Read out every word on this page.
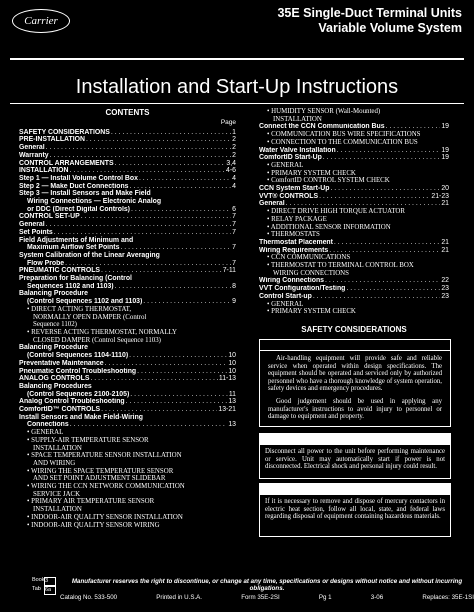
Carrier
35E Single-Duct Terminal Units
Variable Volume System
Installation and Start-Up Instructions
CONTENTS
Page
SAFETY CONSIDERATIONS . . .	1
PRE-INSTALLATION . . .	2
General . . .	2
Warranty . . .	2
CONTROL ARRANGEMENTS . . .	3,4
INSTALLATION . . .	4-6
Step 1 — Install Volume Control Box . . .	4
Step 2 — Make Duct Connections . . .	4
Step 3 — Install Sensors and Make Field
Wiring Connections — Electronic Analog
or DDC (Direct Digital Controls) . . .	6
CONTROL SET-UP . . .	7
General . . .	7
Set Points . . .	7
Field Adjustments of Minimum and
Maximum Airflow Set Points . . .	7
System Calibration of the Linear Averaging
Flow Probe . . .	7
PNEUMATIC CONTROLS . . .	7-11
Preparation for Balancing (Control
Sequences 1102 and 1103) . . .	8
Balancing Procedure
(Control Sequences 1102 and 1103) . . .	9
• DIRECT ACTING THERMOSTAT,
NORMALLY OPEN DAMPER (Control
Sequence 1102)
• REVERSE ACTING THERMOSTAT, NORMALLY
CLOSED DAMPER (Control Sequence 1103)
Balancing Procedure
(Control Sequences 1104-1110) . . .	10
Preventative Maintenance . . .	10
Pneumatic Control Troubleshooting . . .	10
ANALOG CONTROLS . . .	11-13
Balancing Procedures
(Control Sequences 2100-2105) . . .	11
Analog Control Troubleshooting . . .	13
ComfortID™ CONTROLS . . .	13-21
Install Sensors and Make Field-Wiring
Connections . . .	13
• GENERAL
• SUPPLY-AIR TEMPERATURE SENSOR
INSTALLATION
• SPACE TEMPERATURE SENSOR INSTALLATION
AND WIRING
• WIRING THE SPACE TEMPERATURE SENSOR
AND SET POINT ADJUSTMENT SLIDEBAR
• WIRING THE CCN NETWORK COMMUNICATION
SERVICE JACK
• PRIMARY AIR TEMPERATURE SENSOR
INSTALLATION
• INDOOR-AIR QUALITY SENSOR INSTALLATION
• INDOOR-AIR QUALITY SENSOR WIRING
• HUMIDITY SENSOR (Wall-Mounted)
INSTALLATION
Connect the CCN Communication Bus . . .	19
• COMMUNICATION BUS WIRE SPECIFICATIONS
• CONNECTION TO THE COMMUNICATION BUS
Water Valve Installation . . .	19
ComfortID Start-Up . . .	19
• GENERAL
• PRIMARY SYSTEM CHECK
• ComfortID CONTROL SYSTEM CHECK
CCN System Start-Up . . .	20
VVT® CONTROLS . . .	21-23
General . . .	21
• DIRECT DRIVE HIGH TORQUE ACTUATOR
• RELAY PACKAGE
• ADDITIONAL SENSOR INFORMATION
• THERMOSTATS
Thermostat Placement . . .	21
Wiring Requirements . . .	21
• CCN COMMUNICATIONS
• THERMOSTAT TO TERMINAL CONTROL BOX
WIRING CONNECTIONS
Wiring Connections . . .	22
VVT Configuration/Testing . . .	23
Control Start-up . . .	23
• GENERAL
• PRIMARY SYSTEM CHECK
SAFETY CONSIDERATIONS
Air-handling equipment will provide safe and reliable service when operated within design specifications. The equipment should be operated and serviced only by authorized personnel who have a thorough knowledge of system operation, safety devices and emergency procedures.
Good judgement should be used in applying any manufacturer's instructions to avoid injury to personnel or damage to equipment and property.
Disconnect all power to the unit before performing maintenance or service. Unit may automatically start if power is not disconnected. Electrical shock and personal injury could result.
If it is necessary to remove and dispose of mercury contactors in electric heat section, follow all local, state, and federal laws regarding disposal of equipment containing hazardous materials.
Book 3
Tab 6a
Manufacturer reserves the right to discontinue, or change at any time, specifications or designs without notice and without incurring obligations.
Catalog No. 533-500	Printed in U.S.A.	Form 35E-2SI	Pg 1	3-06	Replaces: 35E-1SI
